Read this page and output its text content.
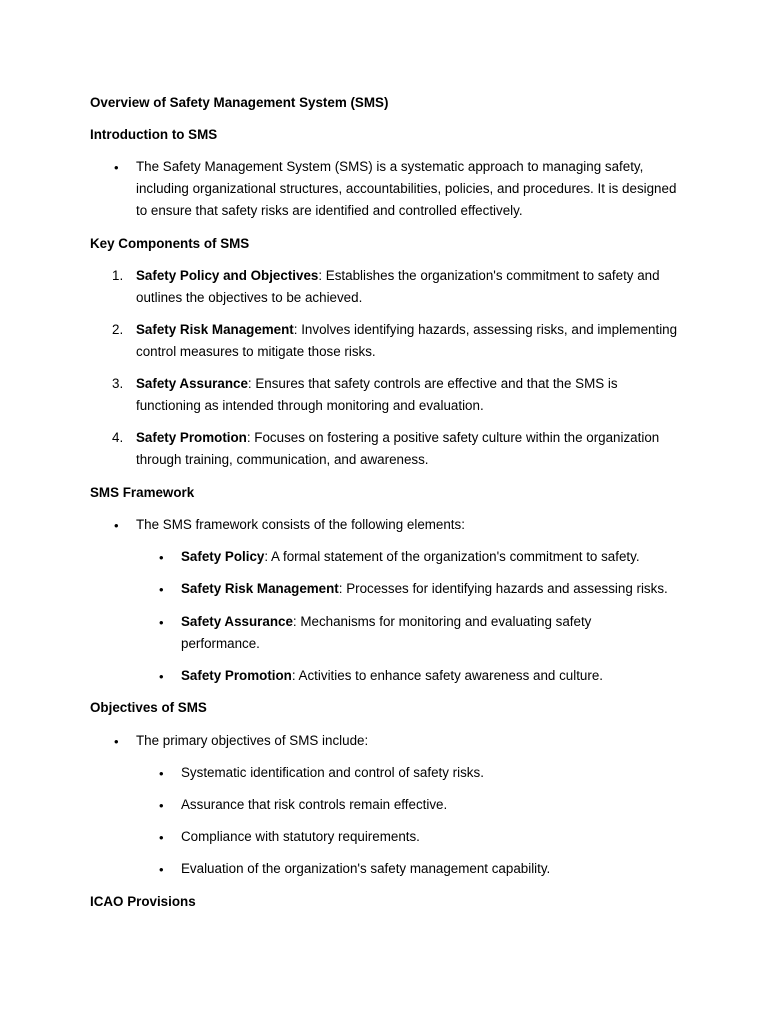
Overview of Safety Management System (SMS)
Introduction to SMS
• The Safety Management System (SMS) is a systematic approach to managing safety, including organizational structures, accountabilities, policies, and procedures. It is designed to ensure that safety risks are identified and controlled effectively.
Key Components of SMS
1. Safety Policy and Objectives: Establishes the organization's commitment to safety and outlines the objectives to be achieved.
2. Safety Risk Management: Involves identifying hazards, assessing risks, and implementing control measures to mitigate those risks.
3. Safety Assurance: Ensures that safety controls are effective and that the SMS is functioning as intended through monitoring and evaluation.
4. Safety Promotion: Focuses on fostering a positive safety culture within the organization through training, communication, and awareness.
SMS Framework
• The SMS framework consists of the following elements:
• Safety Policy: A formal statement of the organization's commitment to safety.
• Safety Risk Management: Processes for identifying hazards and assessing risks.
• Safety Assurance: Mechanisms for monitoring and evaluating safety performance.
• Safety Promotion: Activities to enhance safety awareness and culture.
Objectives of SMS
• The primary objectives of SMS include:
• Systematic identification and control of safety risks.
• Assurance that risk controls remain effective.
• Compliance with statutory requirements.
• Evaluation of the organization's safety management capability.
ICAO Provisions
